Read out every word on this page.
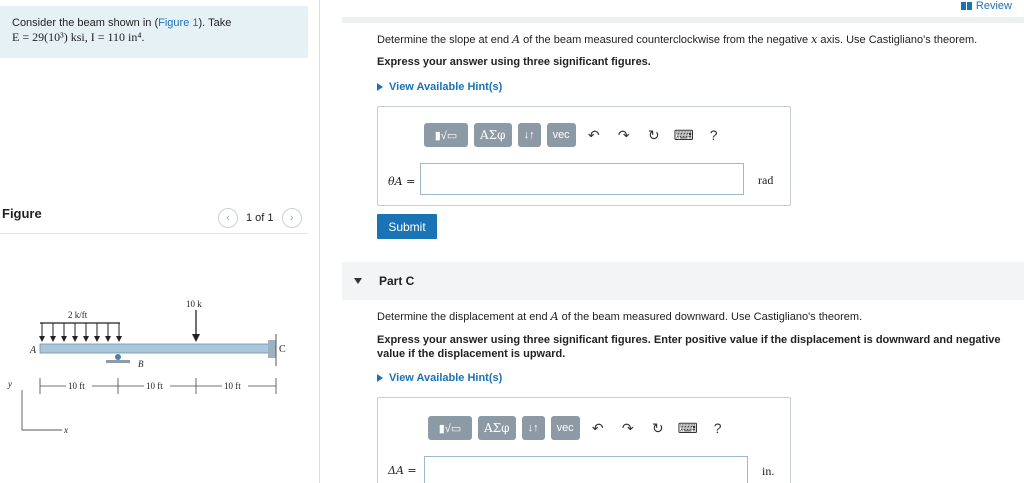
Consider the beam shown in (Figure 1). Take
E = 29(10³) ksi, I = 110 in⁴.
Figure	‹	1 of 1	›
2 k/ft
10 k
C
A
B
10 ft	10 ft	10 ft
y
x
Review
Determine the slope at end A of the beam measured counterclockwise from the negative x axis. Use Castigliano's theorem.
Express your answer using three significant figures.
View Available Hint(s)
▮√▭	ΑΣφ	↓↑	vec	↶	↷	↻	⌨	?
θA =	rad
Submit
Part C
Determine the displacement at end A of the beam measured downward. Use Castigliano's theorem.
Express your answer using three significant figures. Enter positive value if the displacement is downward and negative value if the displacement is upward.
View Available Hint(s)
▮√▭	ΑΣφ	↓↑	vec	↶	↷	↻	⌨	?
ΔA =	in.
